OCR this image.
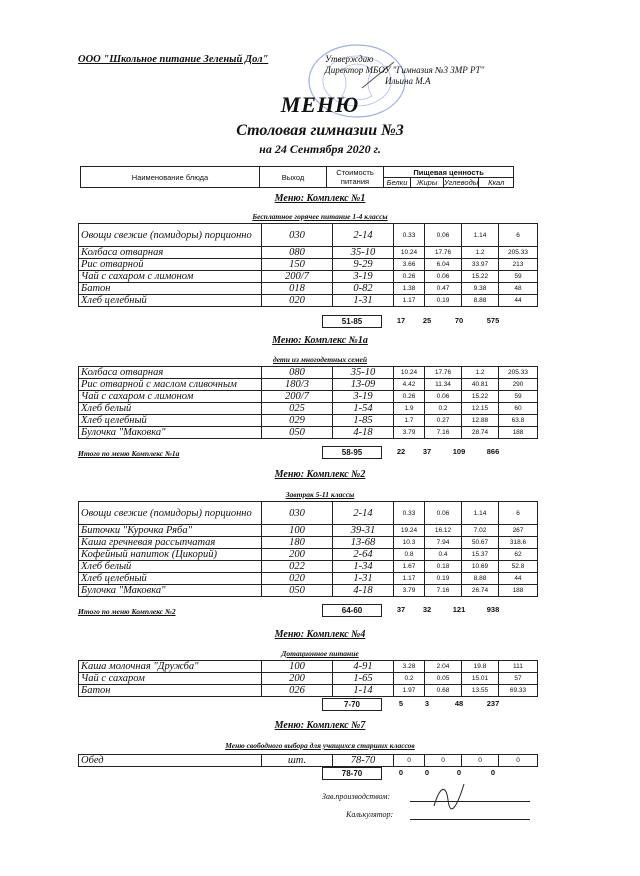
ООО "Школьное питание Зеленый Дол"	Утверждаю
Директор МБОУ "Гимназия №3 ЗМР РТ"
Ильина М.А
МЕНЮ
Столовая гимназии №3
на 24 Сентября 2020 г.
Наименование блюда	Выход	Стоимость питания	Пищевая ценность			
			Белки	Жиры	Углеводы	Ккал
Меню: Комплекс №1
Бесплатное горячее питание 1-4 классы
Овощи свежие (помидоры) порционно	030	2-14	0.33	0.06	1.14	6
Колбаса отварная	080	35-10	10.24	17.76	1.2	205.33
Рис отварной	150	9-29	3.66	6.04	33.97	213
Чай с сахаром с лимоном	200/7	3-19	0.26	0.06	15.22	59
Батон	018	0-82	1.38	0.47	9.38	48
Хлеб целебный	020	1-31	1.17	0.19	8.88	44
51-85	17	25	70	575
Меню: Комплекс №1а
дети из многодетных семей
Колбаса отварная	080	35-10	10.24	17.76	1.2	205.33
Рис отварной с маслом сливочным	180/3	13-09	4.42	11.34	40.81	290
Чай с сахаром с лимоном	200/7	3-19	0.26	0.06	15.22	59
Хлеб белый	025	1-54	1.9	0.2	12.15	60
Хлеб целебный	029	1-85	1.7	0.27	12.88	63.8
Булочка "Маковка"	050	4-18	3.79	7.16	28.74	188
58-95	22	37	109	866
Итого по меню Комплекс №1а
Меню: Комплекс №2
Завтрак 5-11 классы
Овощи свежие (помидоры) порционно	030	2-14	0.33	0.06	1.14	6
Биточки "Курочка Ряба"	100	39-31	19.24	16.12	7.02	267
Каша гречневая рассыпчатая	180	13-68	10.3	7.94	50.67	318.6
Кофейный напиток (Цикорий)	200	2-64	0.8	0.4	15.37	62
Хлеб белый	022	1-34	1.67	0.18	10.69	52.8
Хлеб целебный	020	1-31	1.17	0.19	8.88	44
Булочка "Маковка"	050	4-18	3.79	7.16	26.74	188
64-60	37	32	121	938
Итого по меню Комплекс №2
Меню: Комплекс №4
Дотационное питание
Каша молочная "Дружба"	100	4-91	3.28	2.04	19.8	111
Чай с сахаром	200	1-65	0.2	0.05	15.01	57
Батон	026	1-14	1.97	0.68	13.55	69.33
7-70	5	3	48	237
Меню: Комплекс №7
Меню свободного выбора для учащихся старших классов
Обед	шт.	78-70	0	0	0	0
78-70	0	0	0	0
Зав.производством:
Калькулятор:
